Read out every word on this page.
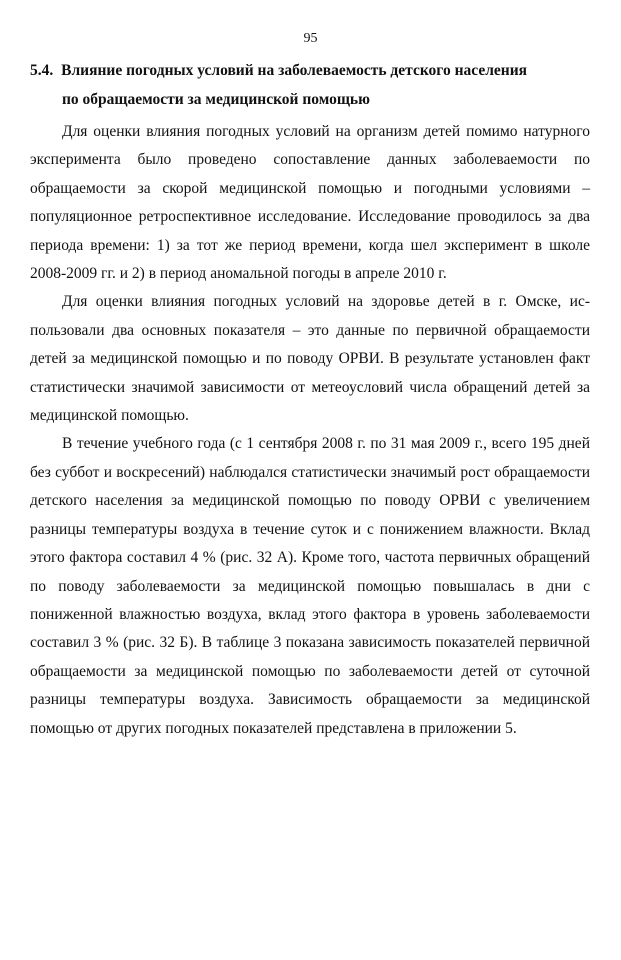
95
5.4. Влияние погодных условий на заболеваемость детского населения
по обращаемости за медицинской помощью

Для оценки влияния погодных условий на организм детей помимо натурного эксперимента было проведено сопоставление данных заболеваемости по обращаемости за скорой медицинской помощью и погодными условиями – популяционное ретроспективное исследование. Исследование проводилось за два периода времени: 1) за тот же период времени, когда шел эксперимент в школе 2008-2009 гг. и 2) в период аномальной погоды в апреле 2010 г.

Для оценки влияния погодных условий на здоровье детей в г. Омске, использовали два основных показателя – это данные по первичной обращаемости детей за медицинской помощью и по поводу ОРВИ. В результате установлен факт статистически значимой зависимости от метеоусловий числа обращений детей за медицинской помощью.

В течение учебного года (с 1 сентября 2008 г. по 31 мая 2009 г., всего 195 дней без суббот и воскресений) наблюдался статистически значимый рост обращаемости детского населения за медицинской помощью по поводу ОРВИ с увеличением разницы температуры воздуха в течение суток и с понижением влажности. Вклад этого фактора составил 4 % (рис. 32 А). Кроме того, частота первичных обращений по поводу заболеваемости за медицинской помощью повышалась в дни с пониженной влажностью воздуха, вклад этого фактора в уровень заболеваемости составил 3 % (рис. 32 Б). В таблице 3 показана зависимость показателей первичной обращаемости за медицинской помощью по заболеваемости детей от суточной разницы температуры воздуха. Зависимость обращаемости за медицинской помощью от других погодных показателей представлена в приложении 5.
